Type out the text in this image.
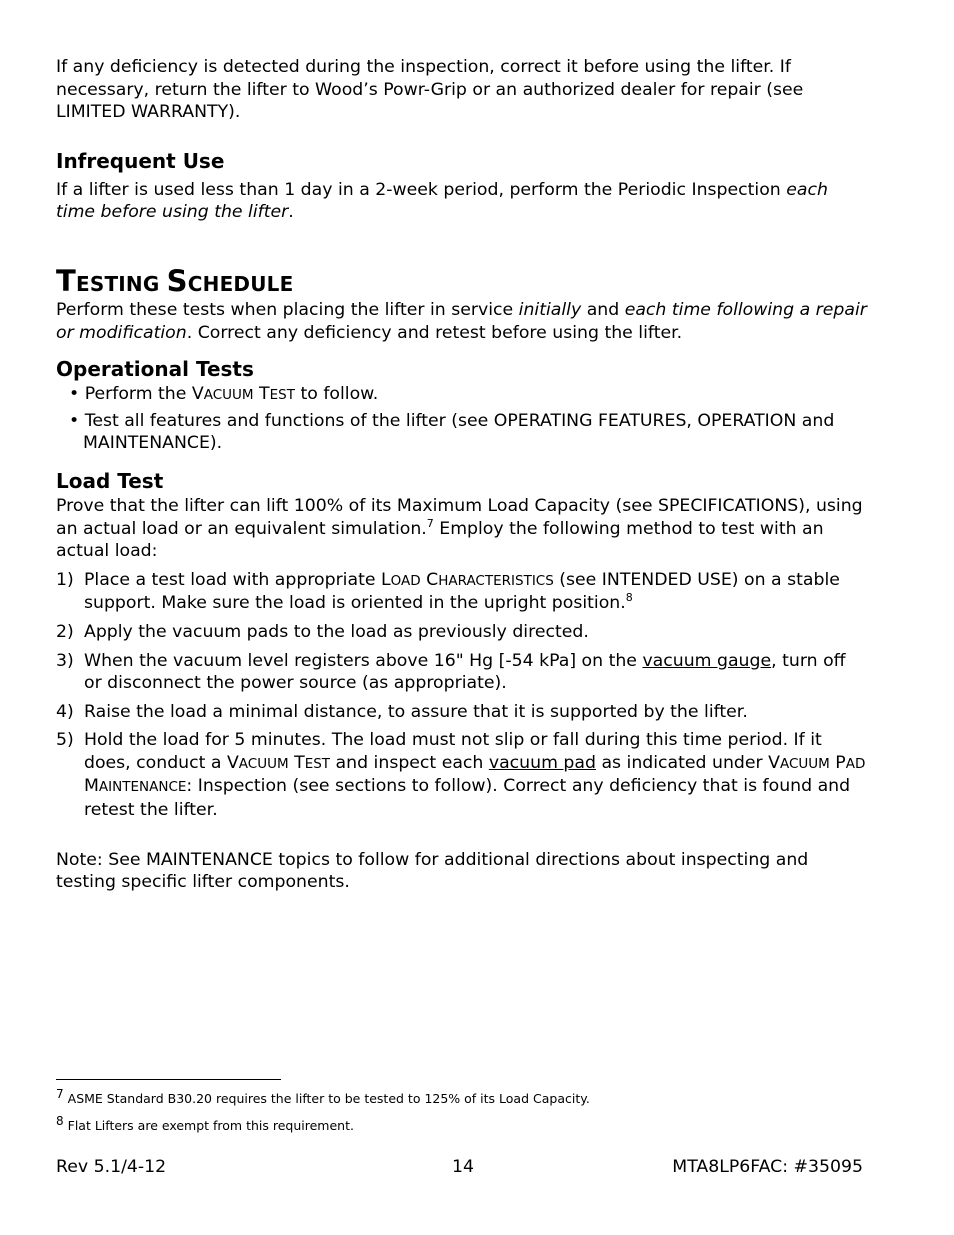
If any deficiency is detected during the inspection, correct it before using the lifter. If necessary, return the lifter to Wood’s Powr-Grip or an authorized dealer for repair (see LIMITED WARRANTY).

Infrequent Use

If a lifter is used less than 1 day in a 2-week period, perform the Periodic Inspection each time before using the lifter.

TESTING SCHEDULE

Perform these tests when placing the lifter in service initially and each time following a repair or modification. Correct any deficiency and retest before using the lifter.

Operational Tests
• Perform the VACUUM TEST to follow.
• Test all features and functions of the lifter (see OPERATING FEATURES, OPERATION and MAINTENANCE).
Load Test

Prove that the lifter can lift 100% of its Maximum Load Capacity (see SPECIFICATIONS), using an actual load or an equivalent simulation.$^7$ Employ the following method to test with an actual load:

1) Place a test load with appropriate LOAD CHARACTERISTICS (see INTENDED USE) on a stable support. Make sure the load is oriented in the upright position.$^8$
2) Apply the vacuum pads to the load as previously directed.
3) When the vacuum level registers above 16" Hg [-54 kPa] on the vacuum gauge, turn off or disconnect the power source (as appropriate).
4) Raise the load a minimal distance, to assure that it is supported by the lifter.
5) Hold the load for 5 minutes. The load must not slip or fall during this time period. If it does, conduct a VACUUM TEST and inspect each vacuum pad as indicated under VACUUM PAD MAINTENANCE: Inspection (see sections to follow). Correct any deficiency that is found and retest the lifter.

Note: See MAINTENANCE topics to follow for additional directions about inspecting and testing specific lifter components.

$^7$ ASME Standard B30.20 requires the lifter to be tested to 125% of its Load Capacity.

$^8$ Flat Lifters are exempt from this requirement.

Rev 5.1/4-12	14	MTA8LP6FAC: #35095
